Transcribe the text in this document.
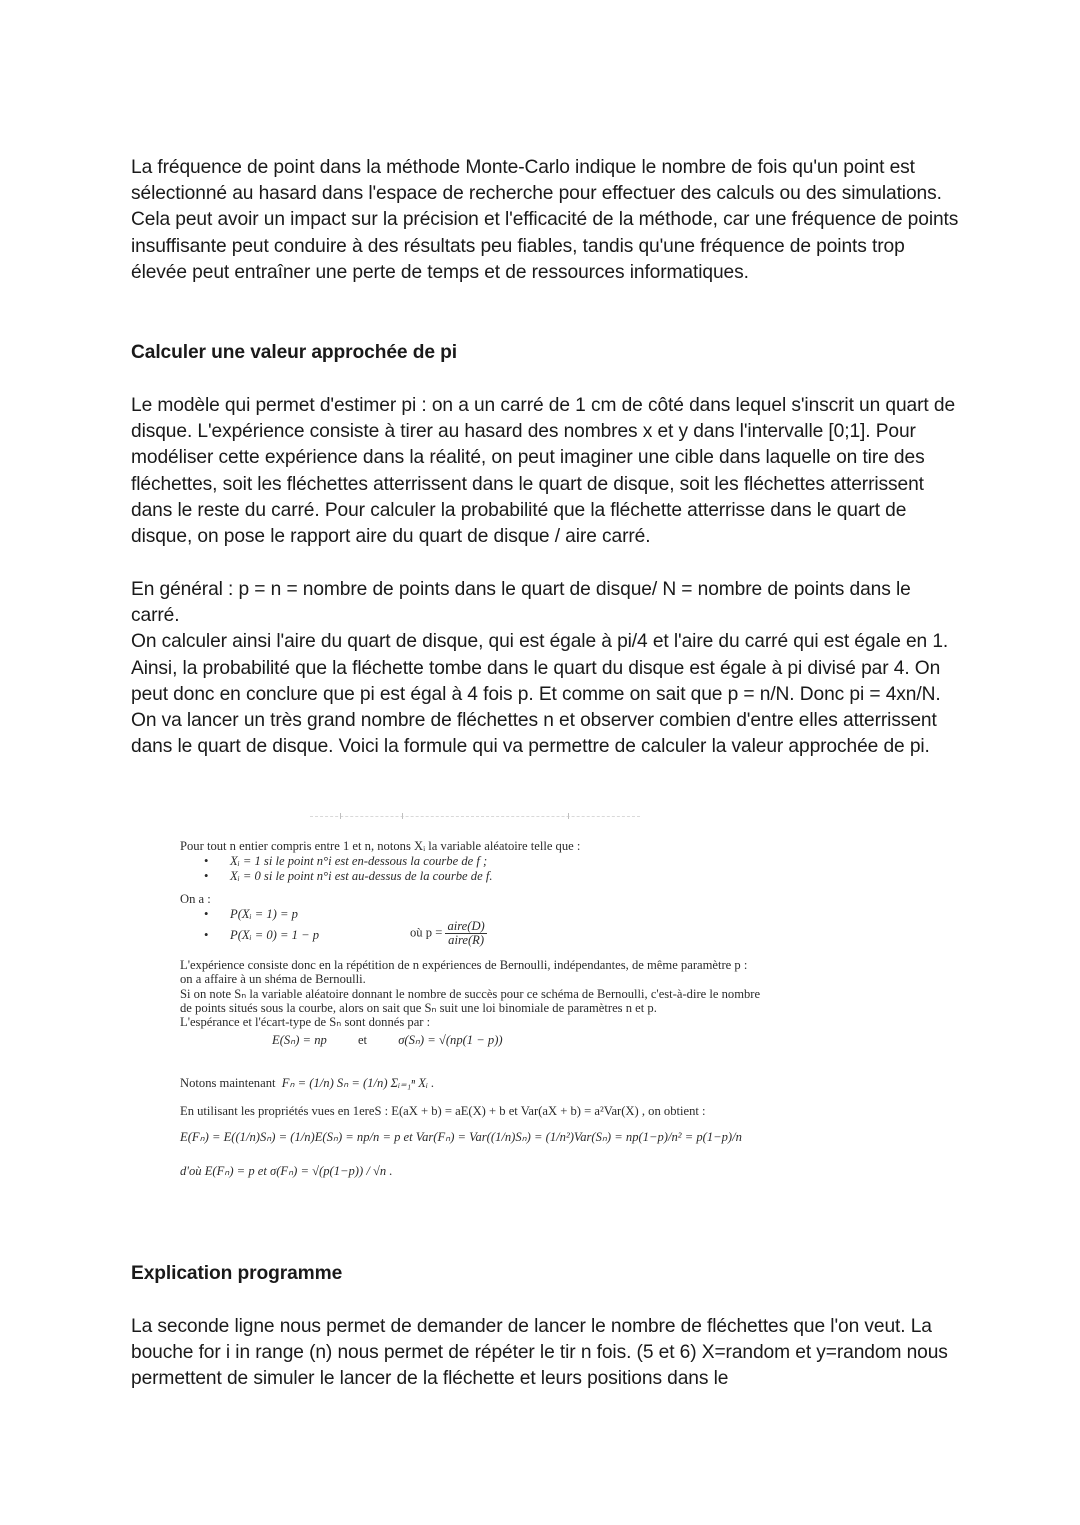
La fréquence de point dans la méthode Monte-Carlo indique le nombre de fois qu'un point est sélectionné au hasard dans l'espace de recherche pour effectuer des calculs ou des simulations. Cela peut avoir un impact sur la précision et l'efficacité de la méthode, car une fréquence de points insuffisante peut conduire à des résultats peu fiables, tandis qu'une fréquence de points trop élevée peut entraîner une perte de temps et de ressources informatiques.

Calculer une valeur approchée de pi

Le modèle qui permet d'estimer pi : on a un carré de 1 cm de côté dans lequel s'inscrit un quart de disque. L'expérience consiste à tirer au hasard des nombres x et y dans l'intervalle [0;1]. Pour modéliser cette expérience dans la réalité, on peut imaginer une cible dans laquelle on tire des fléchettes, soit les fléchettes atterrissent dans le quart de disque, soit les fléchettes atterrissent dans le reste du carré. Pour calculer la probabilité que la fléchette atterrisse dans le quart de disque, on pose le rapport aire du quart de disque / aire carré.

En général : p = n = nombre de points dans le quart de disque/ N = nombre de points dans le carré.

On calculer ainsi l'aire du quart de disque, qui est égale à pi/4 et l'aire du carré qui est égale en 1. Ainsi, la probabilité que la fléchette tombe dans le quart du disque est égale à pi divisé par 4. On peut donc en conclure que pi est égal à 4 fois p. Et comme on sait que p = n/N. Donc pi = 4xn/N. On va lancer un très grand nombre de fléchettes n et observer combien d'entre elles atterrissent dans le quart de disque. Voici la formule qui va permettre de calculer la valeur approchée de pi.

Pour tout n entier compris entre 1 et n, notons Xᵢ la variable aléatoire telle que :
• Xᵢ = 1 si le point n°i est en-dessous la courbe de f ;
• Xᵢ = 0 si le point n°i est au-dessus de la courbe de f.
On a :
• P(Xᵢ = 1) = p
• P(Xᵢ = 0) = 1 − p	où $p = \frac{\text{aire(D)}}{\text{aire(R)}}$
L'expérience consiste donc en la répétition de n expériences de Bernoulli, indépendantes, de même paramètre p :
on a affaire à un shéma de Bernoulli.
Si on note Sₙ la variable aléatoire donnant le nombre de succès pour ce schéma de Bernoulli, c'est-à-dire le nombre
de points situés sous la courbe, alors on sait que Sₙ suit une loi binomiale de paramètres n et p.
L'espérance et l'écart-type de Sₙ sont donnés par :
E(Sₙ) = np et σ(Sₙ) = √(np(1 − p))
Notons maintenant Fₙ = (1/n) Sₙ = (1/n) Σᵢ₌₁ⁿ Xᵢ .
En utilisant les propriétés vues en 1ereS : E(aX + b) = aE(X) + b et Var(aX + b) = a²Var(X) , on obtient :
E(Fₙ) = E((1/n)Sₙ) = (1/n)E(Sₙ) = np/n = p et Var(Fₙ) = Var((1/n)Sₙ) = (1/n²)Var(Sₙ) = np(1−p)/n² = p(1−p)/n
d'où E(Fₙ) = p et σ(Fₙ) = √(p(1−p)) / √n .

Explication programme

La seconde ligne nous permet de demander de lancer le nombre de fléchettes que l'on veut. La bouche for i in range (n) nous permet de répéter le tir n fois. (5 et 6) X=random et y=random nous permettent de simuler le lancer de la fléchette et leurs positions dans le
